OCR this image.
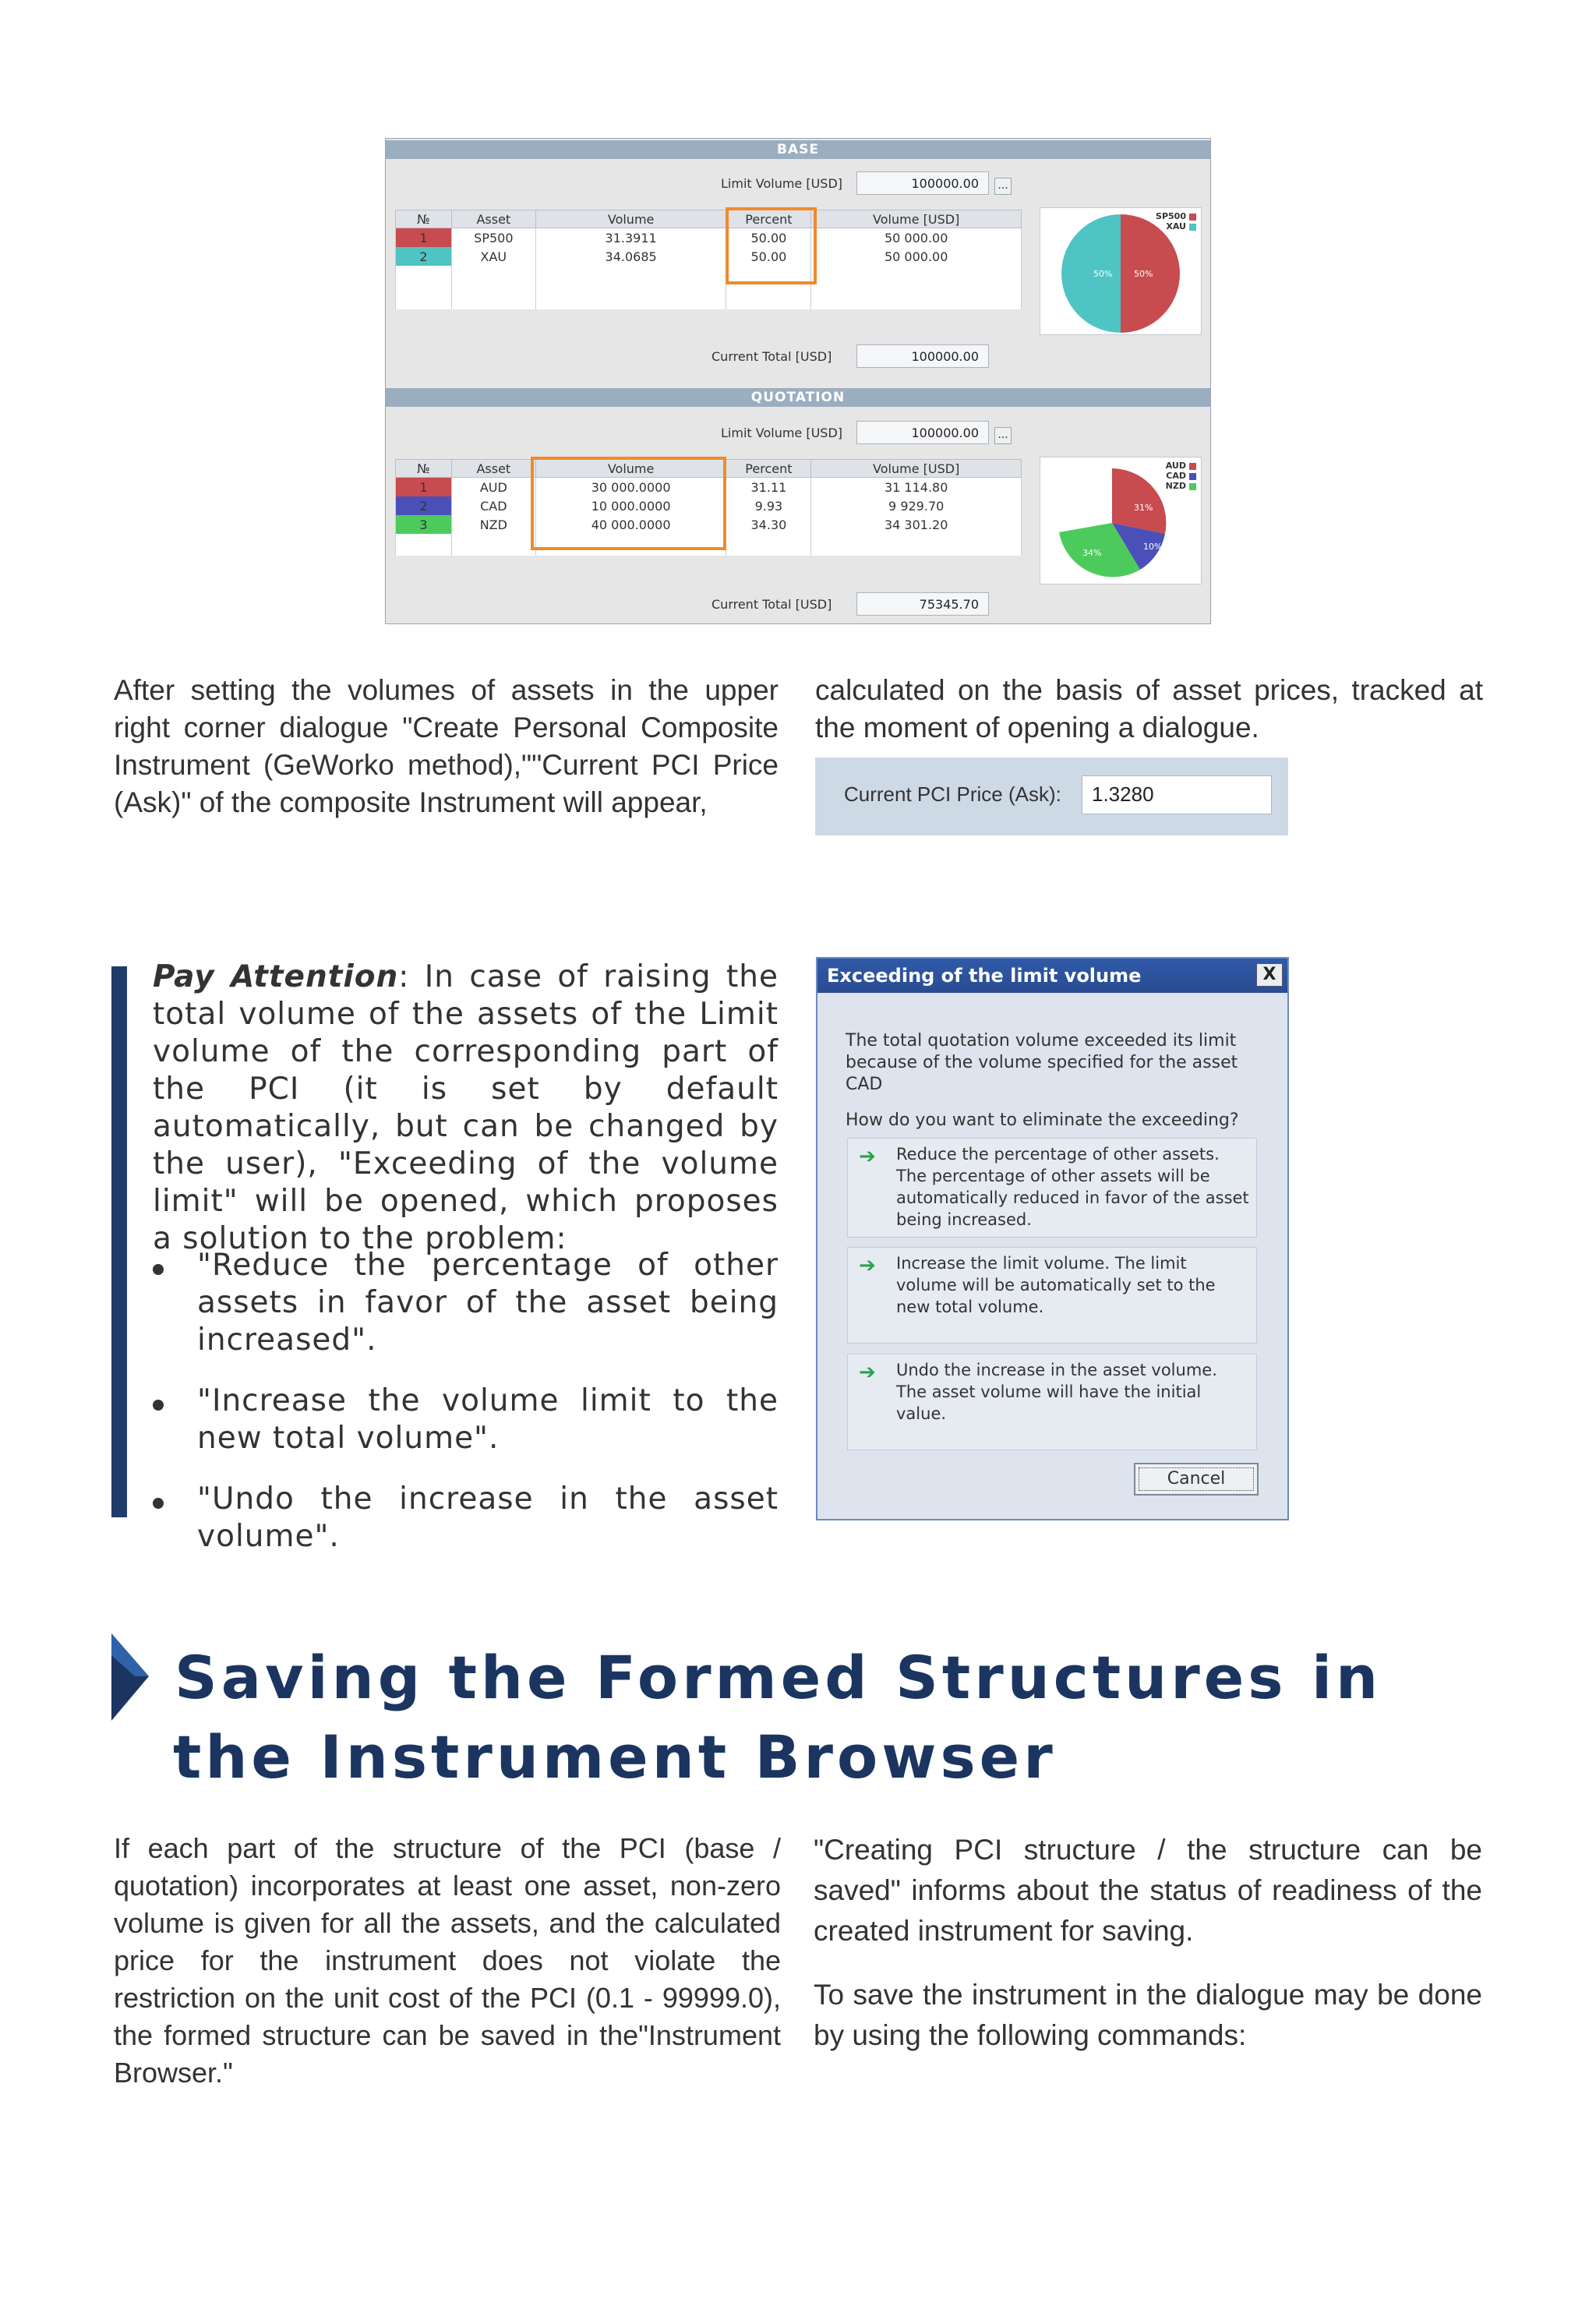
BASE
Limit Volume [USD]	100000.00	...
№	Asset	Volume	Percent	Volume [USD]
1	SP500	31.3911	50.00	50 000.00
2	XAU	34.0685	50.00	50 000.00

50%	50%
SP500
XAU
Current Total [USD]	100000.00
QUOTATION
Limit Volume [USD]	100000.00	...
№	Asset	Volume	Percent	Volume [USD]
1	AUD	30 000.0000	31.11	31 114.80
2	CAD	10 000.0000	9.93	9 929.70
3	NZD	40 000.0000	34.30	34 301.20

31%
10%
34%
AUD
CAD
NZD
Current Total [USD]	75345.70

After setting the volumes of assets in the upper right corner dialogue "Create Personal Composite Instrument (GeWorko method),""Current PCI Price (Ask)" of the composite Instrument will appear,

calculated on the basis of asset prices, tracked at the moment of opening a dialogue.

Current PCI Price (Ask):	1.3280

Pay Attention: In case of raising the total volume of the assets of the Limit volume of the corresponding part of the PCI (it is set by default automatically, but can be changed by the user), "Exceeding of the volume limit" will be opened, which proposes a solution to the problem:

"Reduce the percentage of other assets in favor of the asset being increased".

"Increase the volume limit to the new total volume".

"Undo the increase in the asset volume".

Exceeding of the limit volume	X

The total quotation volume exceeded its limit because of the volume specified for the asset CAD

How do you want to eliminate the exceeding?

➔ Reduce the percentage of other assets. The percentage of other assets will be automatically reduced in favor of the asset being increased.
➔ Increase the limit volume. The limit volume will be automatically set to the new total volume.
➔ Undo the increase in the asset volume. The asset volume will have the initial value.
Cancel
Saving the Formed Structures in
the Instrument Browser

If each part of the structure of the PCI (base / quotation) incorporates at least one asset, non-zero volume is given for all the assets, and the calculated price for the instrument does not violate the restriction on the unit cost of the PCI (0.1 - 99999.0), the formed structure can be saved in the"Instrument Browser."

"Creating PCI structure / the structure can be saved" informs about the status of readiness of the created instrument for saving.

To save the instrument in the dialogue may be done by using the following commands:
